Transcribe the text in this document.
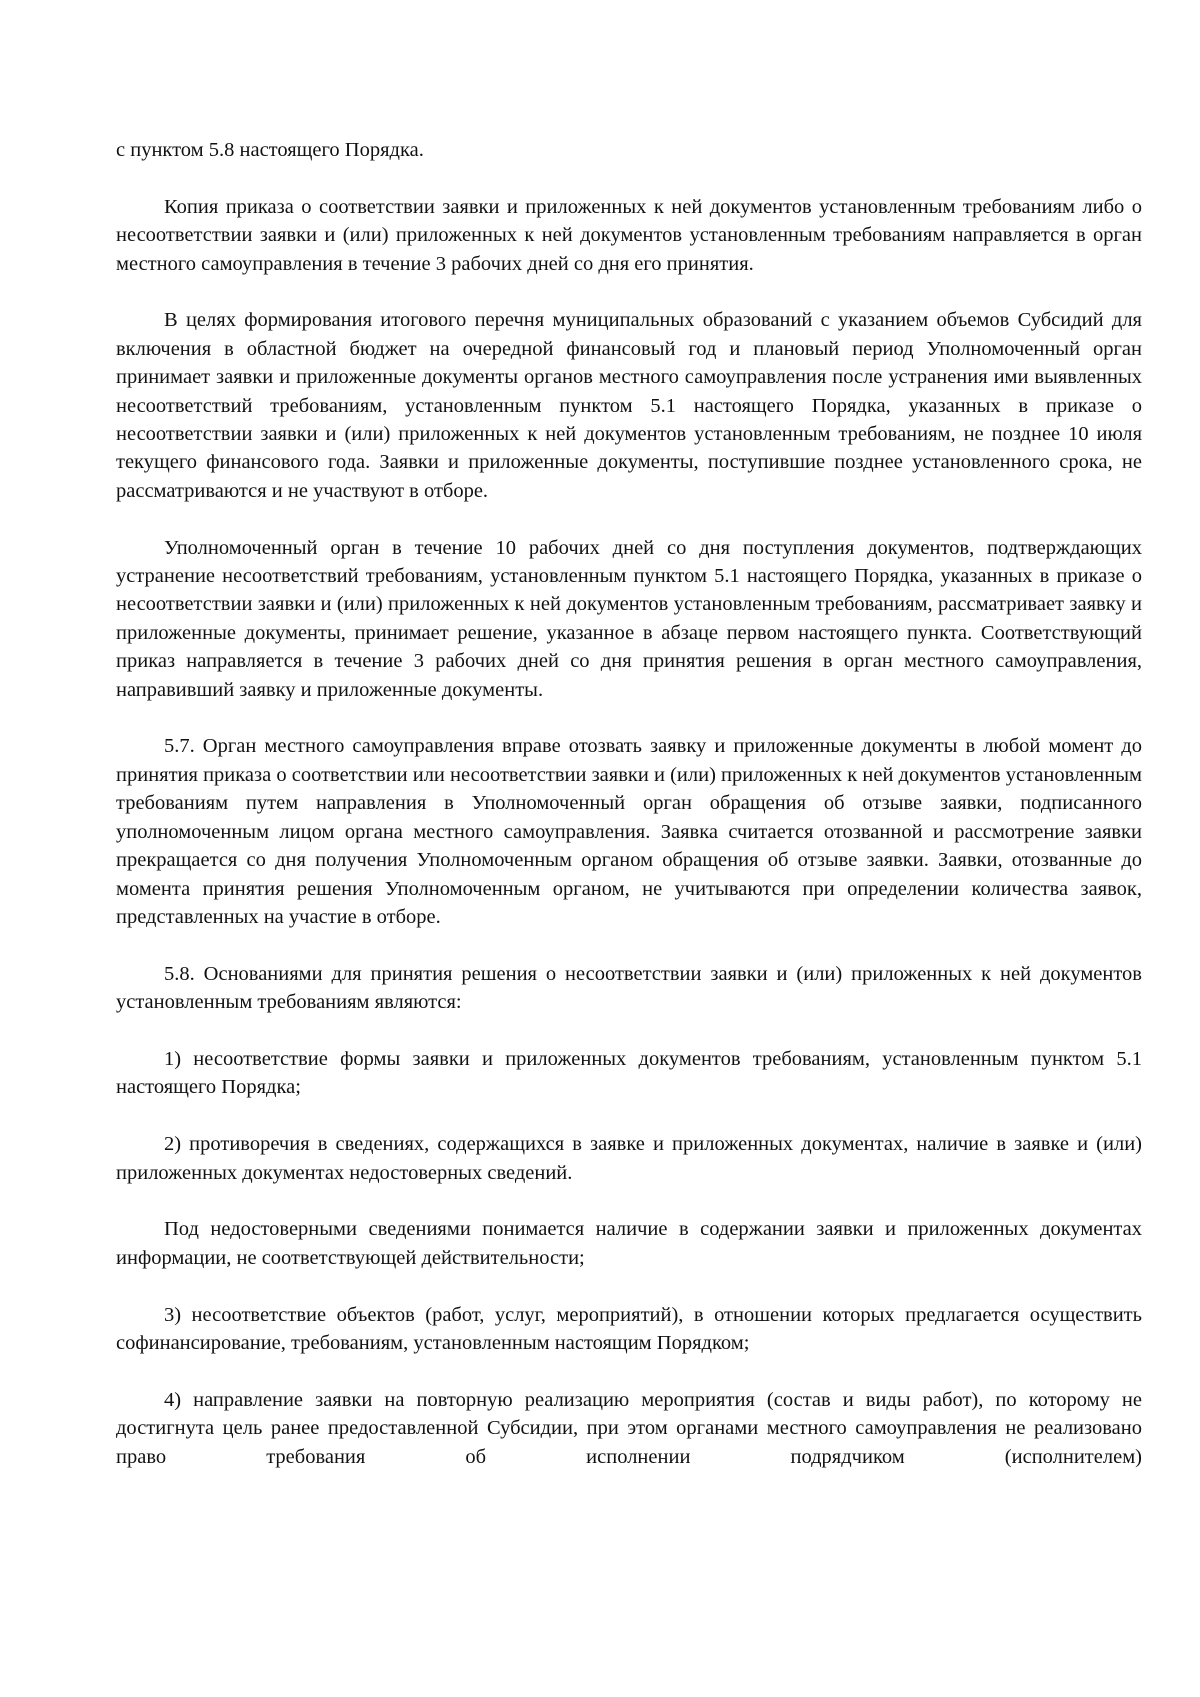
с пунктом 5.8 настоящего Порядка.

Копия приказа о соответствии заявки и приложенных к ней документов установленным требованиям либо о несоответствии заявки и (или) приложенных к ней документов установленным требованиям направляется в орган местного самоуправления в течение 3 рабочих дней со дня его принятия.

В целях формирования итогового перечня муниципальных образований с указанием объемов Субсидий для включения в областной бюджет на очередной финансовый год и плановый период Уполномоченный орган принимает заявки и приложенные документы органов местного самоуправления после устранения ими выявленных несоответствий требованиям, установленным пунктом 5.1 настоящего Порядка, указанных в приказе о несоответствии заявки и (или) приложенных к ней документов установленным требованиям, не позднее 10 июля текущего финансового года. Заявки и приложенные документы, поступившие позднее установленного срока, не рассматриваются и не участвуют в отборе.

Уполномоченный орган в течение 10 рабочих дней со дня поступления документов, подтверждающих устранение несоответствий требованиям, установленным пунктом 5.1 настоящего Порядка, указанных в приказе о несоответствии заявки и (или) приложенных к ней документов установленным требованиям, рассматривает заявку и приложенные документы, принимает решение, указанное в абзаце первом настоящего пункта. Соответствующий приказ направляется в течение 3 рабочих дней со дня принятия решения в орган местного самоуправления, направивший заявку и приложенные документы.

5.7. Орган местного самоуправления вправе отозвать заявку и приложенные документы в любой момент до принятия приказа о соответствии или несоответствии заявки и (или) приложенных к ней документов установленным требованиям путем направления в Уполномоченный орган обращения об отзыве заявки, подписанного уполномоченным лицом органа местного самоуправления. Заявка считается отозванной и рассмотрение заявки прекращается со дня получения Уполномоченным органом обращения об отзыве заявки. Заявки, отозванные до момента принятия решения Уполномоченным органом, не учитываются при определении количества заявок, представленных на участие в отборе.

5.8. Основаниями для принятия решения о несоответствии заявки и (или) приложенных к ней документов установленным требованиям являются:

1) несоответствие формы заявки и приложенных документов требованиям, установленным пунктом 5.1 настоящего Порядка;

2) противоречия в сведениях, содержащихся в заявке и приложенных документах, наличие в заявке и (или) приложенных документах недостоверных сведений.

Под недостоверными сведениями понимается наличие в содержании заявки и приложенных документах информации, не соответствующей действительности;

3) несоответствие объектов (работ, услуг, мероприятий), в отношении которых предлагается осуществить софинансирование, требованиям, установленным настоящим Порядком;

4) направление заявки на повторную реализацию мероприятия (состав и виды работ), по которому не достигнута цель ранее предоставленной Субсидии, при этом органами местного самоуправления не реализовано право требования об исполнении подрядчиком (исполнителем)
